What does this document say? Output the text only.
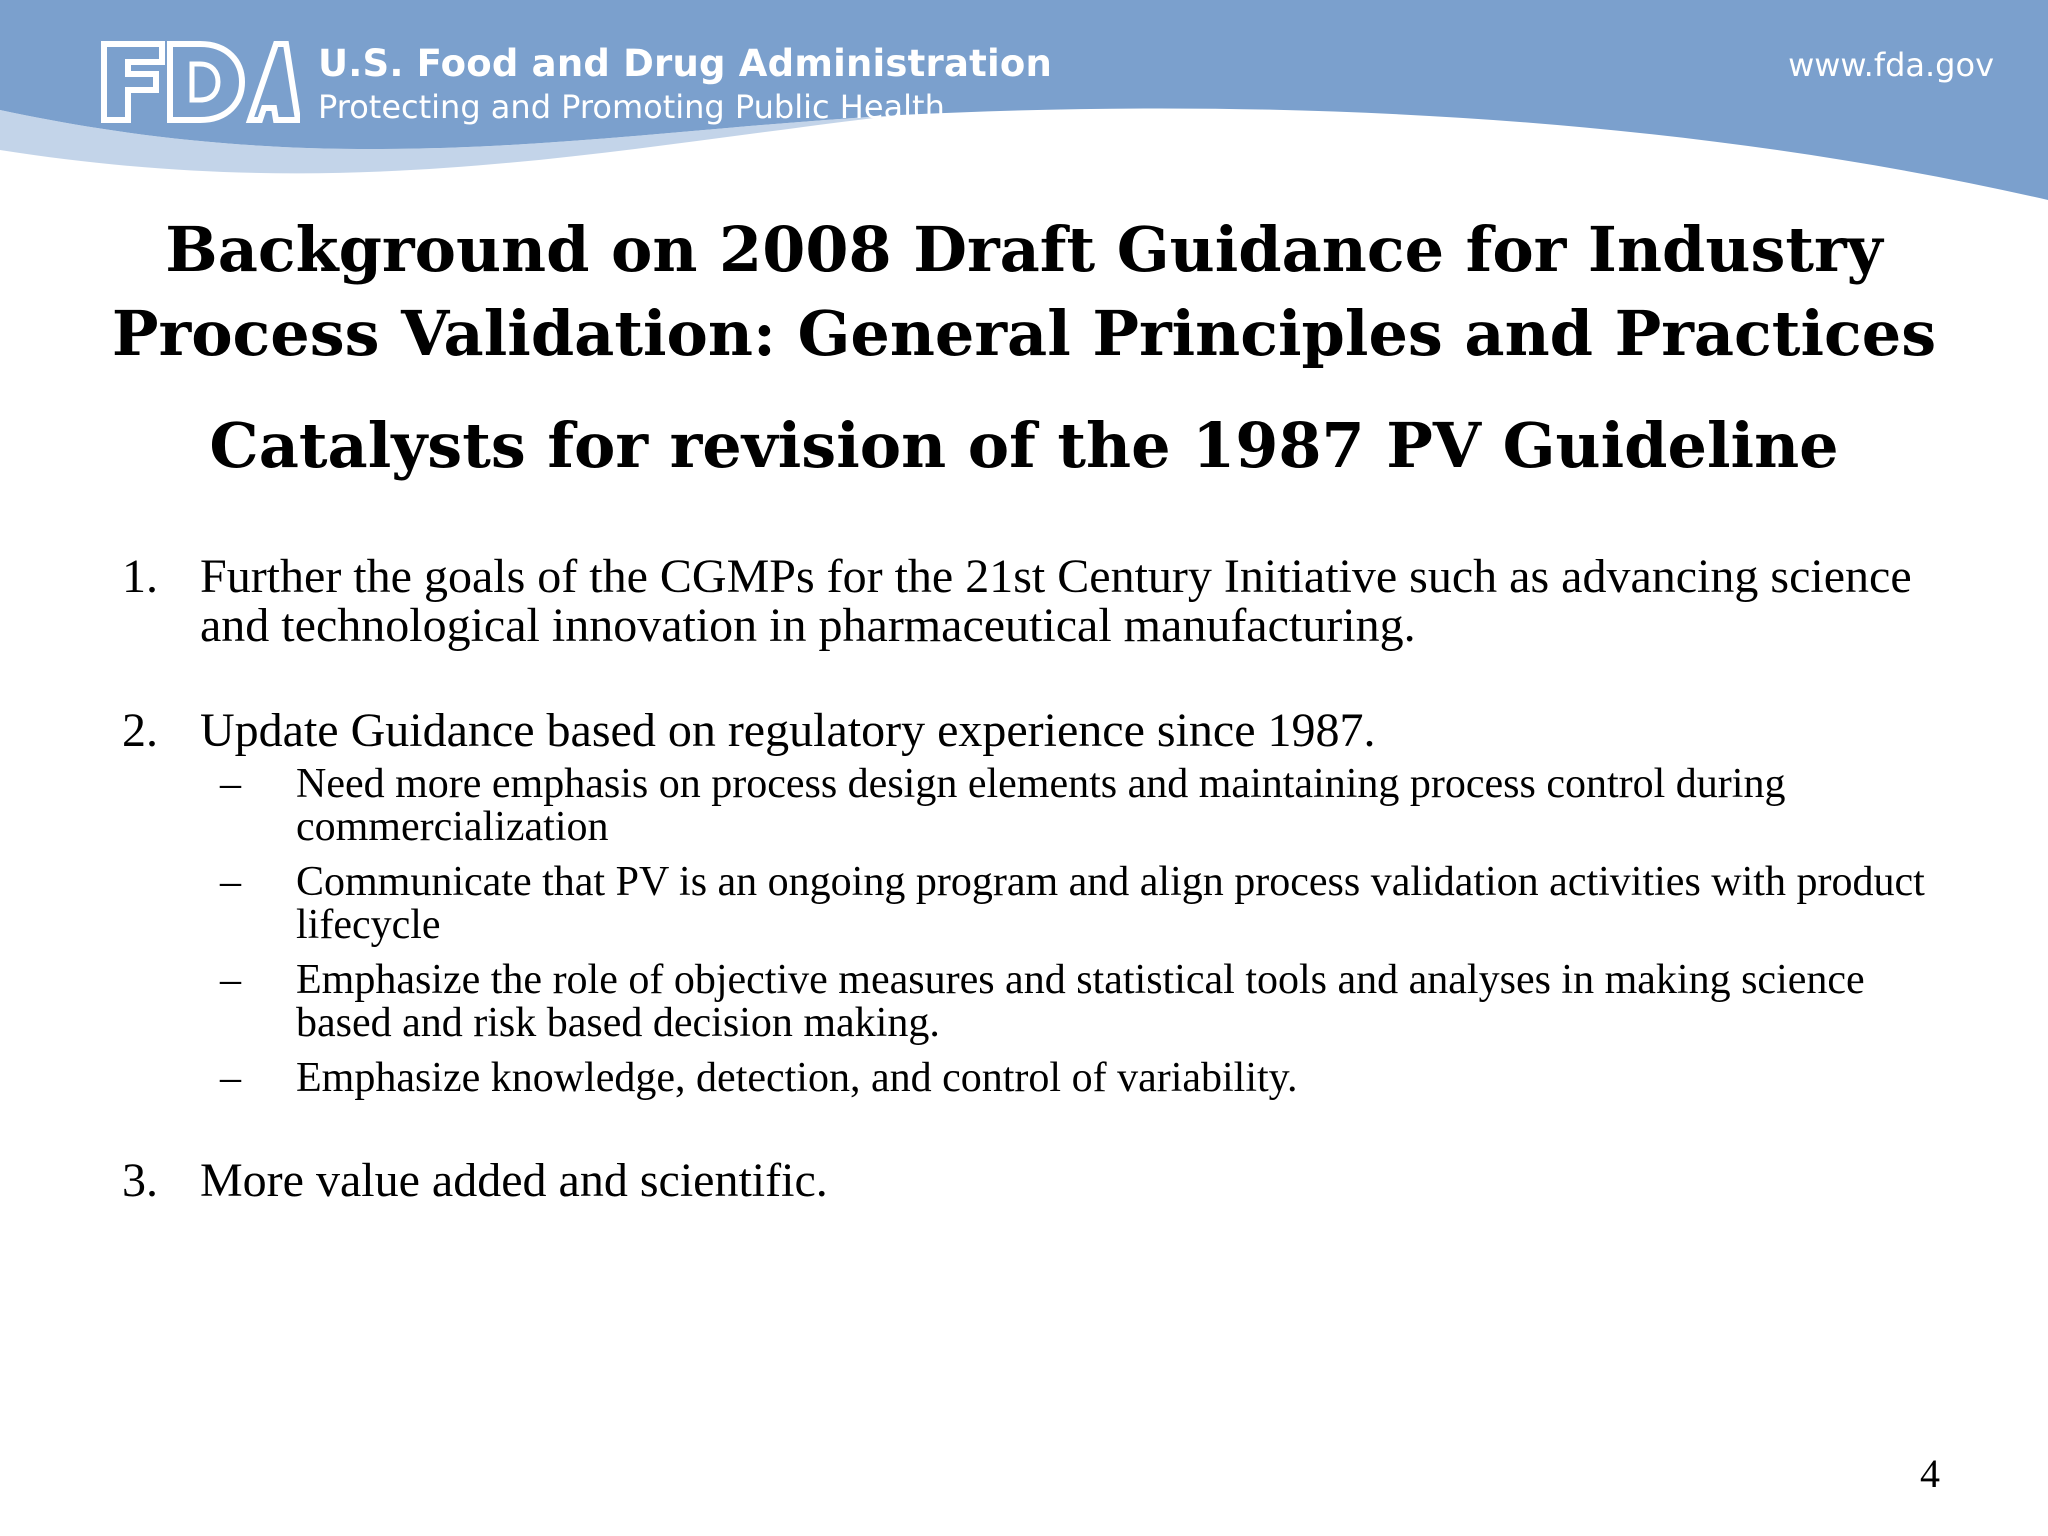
U.S. Food and Drug Administration
Protecting and Promoting Public Health
www.fda.gov
Background on 2008 Draft Guidance for Industry
Process Validation: General Principles and Practices
Catalysts for revision of the 1987 PV Guideline
1. Further the goals of the CGMPs for the 21st Century Initiative such as advancing science and technological innovation in pharmaceutical manufacturing.
2. Update Guidance based on regulatory experience since 1987.
– Need more emphasis on process design elements and maintaining process control during commercialization
– Communicate that PV is an ongoing program and align process validation activities with product lifecycle
– Emphasize the role of objective measures and statistical tools and analyses in making science based and risk based decision making.
– Emphasize knowledge, detection, and control of variability.
3. More value added and scientific.
4
